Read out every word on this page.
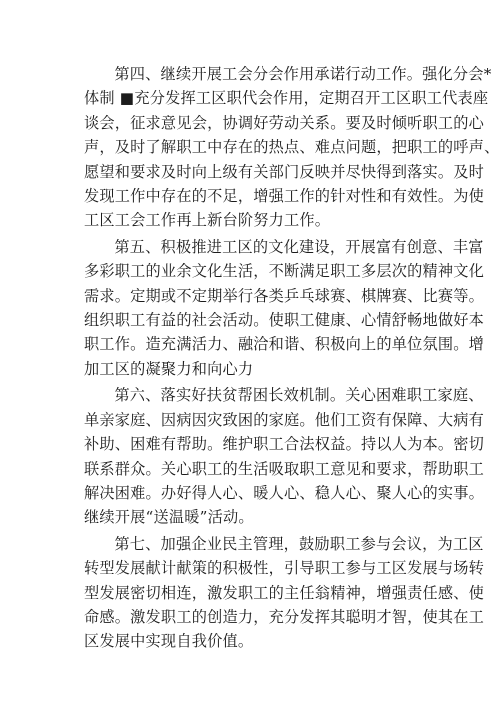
第四、继续开展工会分会作用承诺行动工作。强化分会*
体制 ■充分发挥工区职代会作用，定期召开工区职工代表座
谈会，征求意见会，协调好劳动关系。要及时倾听职工的心
声，及时了解职工中存在的热点、难点问题，把职工的呼声、
愿望和要求及时向上级有关部门反映并尽快得到落实。及时
发现工作中存在的不足，增强工作的针对性和有效性。为使
工区工会工作再上新台阶努力工作。

第五、积极推进工区的文化建设，开展富有创意、丰富
多彩职工的业余文化生活，不断满足职工多层次的精神文化
需求。定期或不定期举行各类乒乓球赛、棋牌赛、比赛等。
组织职工有益的社会活动。使职工健康、心情舒畅地做好本
职工作。造充满活力、融洽和谐、积极向上的单位氛围。增
加工区的凝聚力和向心力

第六、落实好扶贫帮困长效机制。关心困难职工家庭、
单亲家庭、因病因灾致困的家庭。他们工资有保障、大病有
补助、困难有帮助。维护职工合法权益。持以人为本。密切
联系群众。关心职工的生活吸取职工意见和要求，帮助职工
解决困难。办好得人心、暖人心、稳人心、聚人心的实事。
继续开展“送温暖”活动。

第七、加强企业民主管理，鼓励职工参与会议，为工区
转型发展献计献策的积极性，引导职工参与工区发展与场转
型发展密切相连，激发职工的主任翁精神，增强责任感、使
命感。激发职工的创造力，充分发挥其聪明才智，使其在工
区发展中实现自我价值。
